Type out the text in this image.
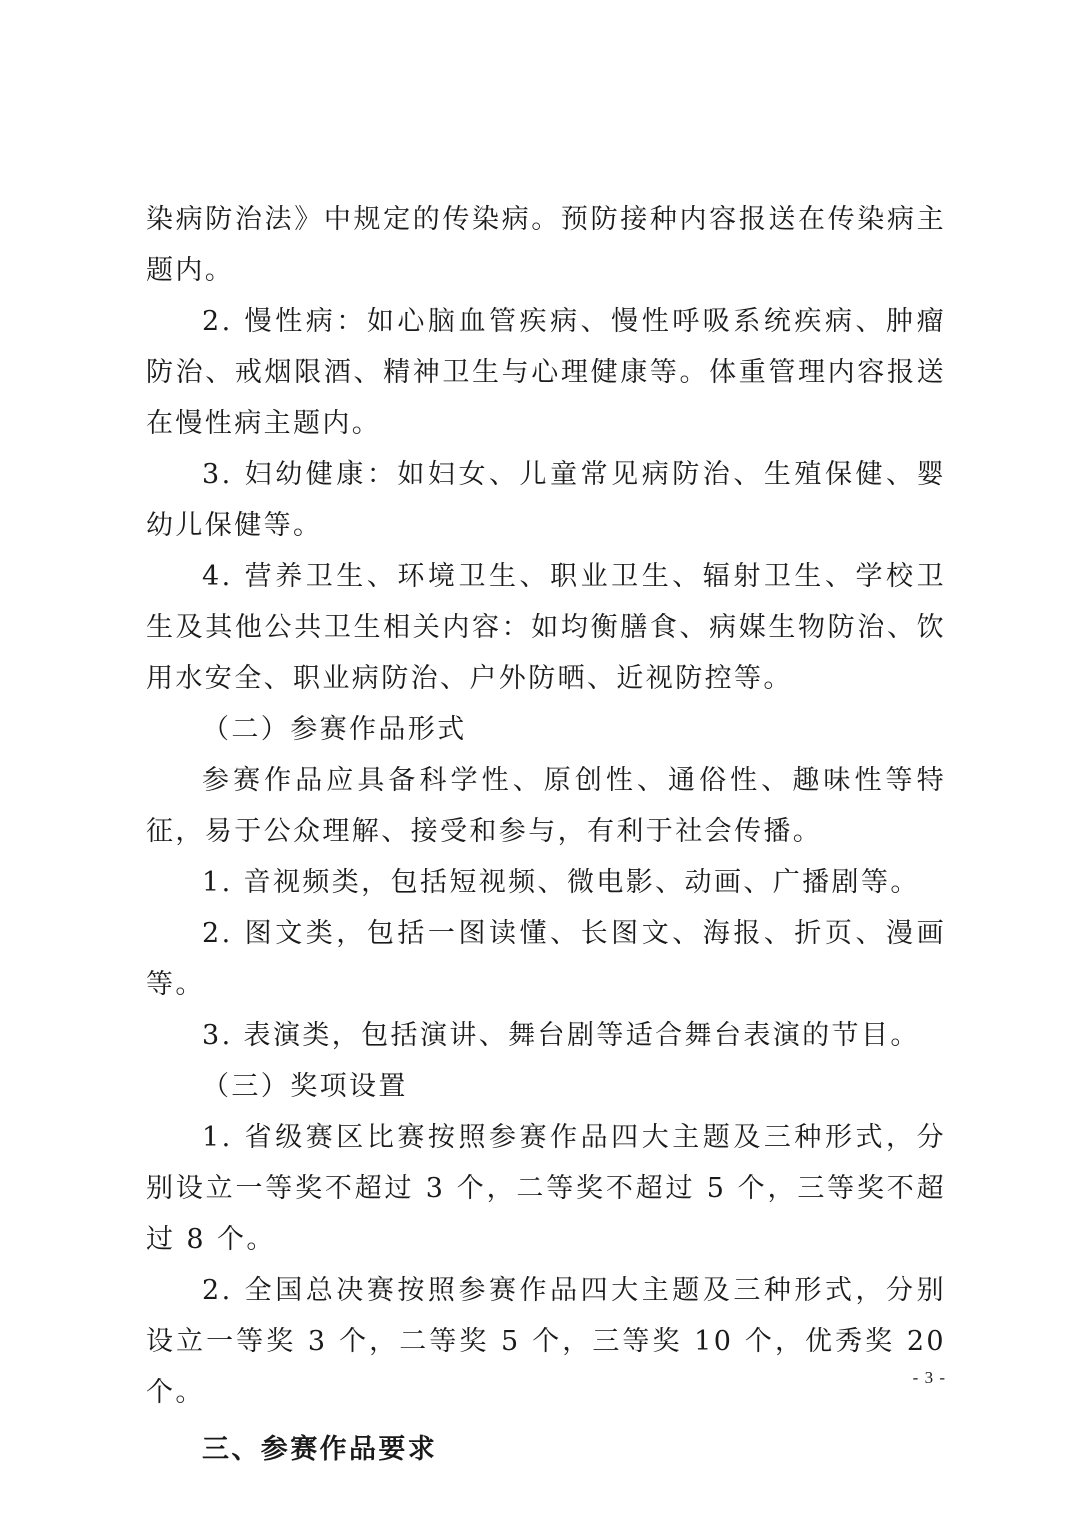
染病防治法》中规定的传染病。预防接种内容报送在传染病主题内。

2. 慢性病：如心脑血管疾病、慢性呼吸系统疾病、肿瘤防治、戒烟限酒、精神卫生与心理健康等。体重管理内容报送在慢性病主题内。

3. 妇幼健康：如妇女、儿童常见病防治、生殖保健、婴幼儿保健等。

4. 营养卫生、环境卫生、职业卫生、辐射卫生、学校卫生及其他公共卫生相关内容：如均衡膳食、病媒生物防治、饮用水安全、职业病防治、户外防晒、近视防控等。

（二）参赛作品形式

参赛作品应具备科学性、原创性、通俗性、趣味性等特征，易于公众理解、接受和参与，有利于社会传播。

1. 音视频类，包括短视频、微电影、动画、广播剧等。

2. 图文类，包括一图读懂、长图文、海报、折页、漫画等。

3. 表演类，包括演讲、舞台剧等适合舞台表演的节目。

（三）奖项设置

1. 省级赛区比赛按照参赛作品四大主题及三种形式，分别设立一等奖不超过 3 个，二等奖不超过 5 个，三等奖不超过 8 个。

2. 全国总决赛按照参赛作品四大主题及三种形式，分别设立一等奖 3 个，二等奖 5 个，三等奖 10 个，优秀奖 20 个。

三、参赛作品要求

- 3 -
